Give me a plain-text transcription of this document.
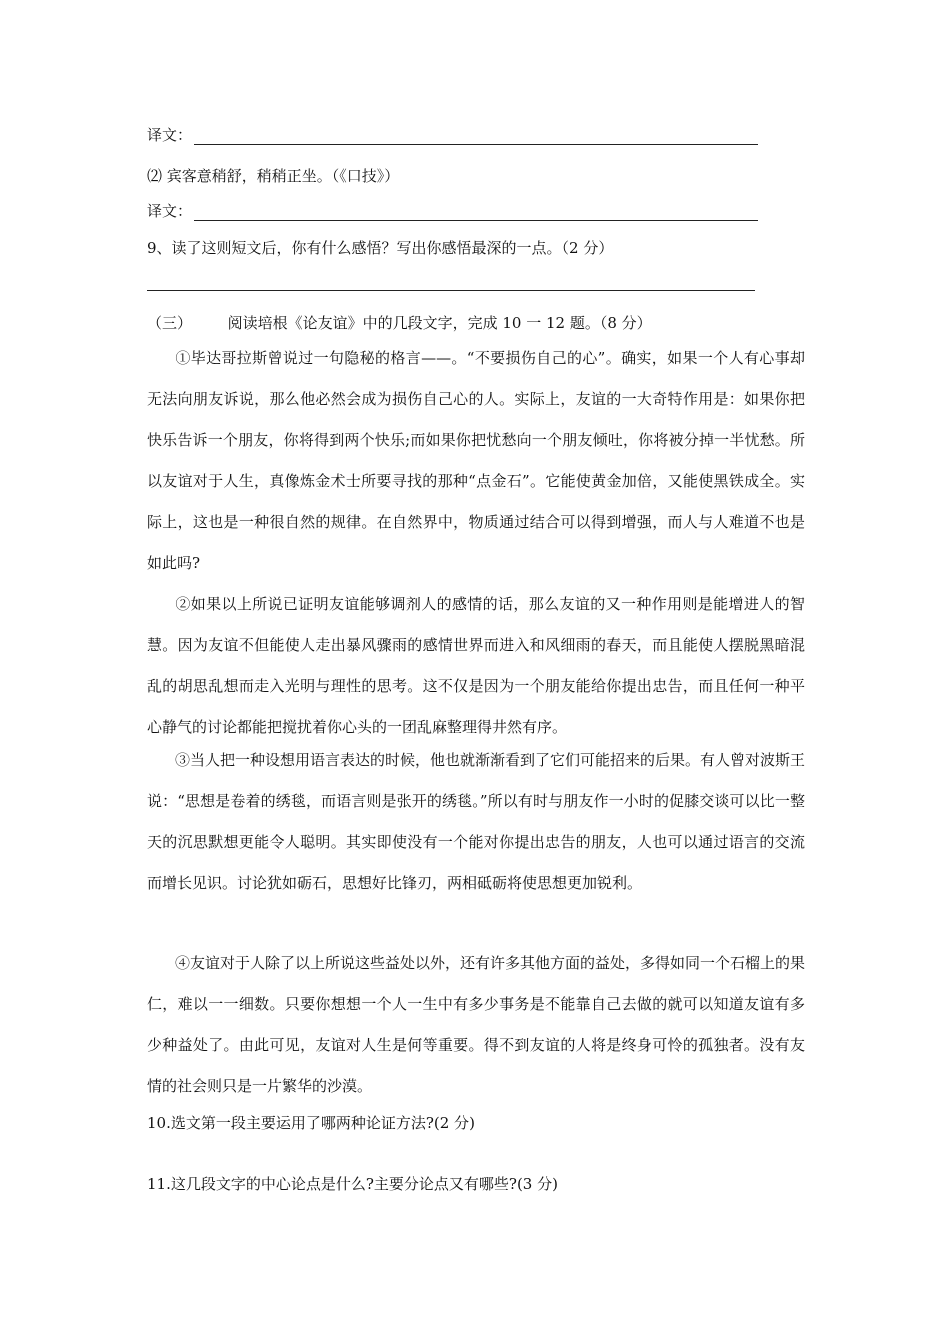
译文：
⑵ 宾客意稍舒，稍稍正坐。（《口技》）
译文：
9、读了这则短文后，你有什么感悟？写出你感悟最深的一点。（2 分）
（三） 阅读培根《论友谊》中的几段文字，完成 10 一 12 题。（8 分）
①毕达哥拉斯曾说过一句隐秘的格言——。“不要损伤自己的心”。确实，如果一个人有心事却无法向朋友诉说，那么他必然会成为损伤自己心的人。实际上，友谊的一大奇特作用是：如果你把快乐告诉一个朋友，你将得到两个快乐;而如果你把忧愁向一个朋友倾吐，你将被分掉一半忧愁。所以友谊对于人生，真像炼金术士所要寻找的那种“点金石”。它能使黄金加倍，又能使黑铁成全。实际上，这也是一种很自然的规律。在自然界中，物质通过结合可以得到增强，而人与人难道不也是如此吗?
②如果以上所说已证明友谊能够调剂人的感情的话，那么友谊的又一种作用则是能增进人的智慧。因为友谊不但能使人走出暴风骤雨的感情世界而进入和风细雨的春天，而且能使人摆脱黑暗混乱的胡思乱想而走入光明与理性的思考。这不仅是因为一个朋友能给你提出忠告，而且任何一种平心静气的讨论都能把搅扰着你心头的一团乱麻整理得井然有序。
③当人把一种设想用语言表达的时候，他也就渐渐看到了它们可能招来的后果。有人曾对波斯王说：“思想是卷着的绣毯，而语言则是张开的绣毯。”所以有时与朋友作一小时的促膝交谈可以比一整天的沉思默想更能令人聪明。其实即使没有一个能对你提出忠告的朋友，人也可以通过语言的交流而增长见识。讨论犹如砺石，思想好比锋刃，两相砥砺将使思想更加锐利。
④友谊对于人除了以上所说这些益处以外，还有许多其他方面的益处，多得如同一个石榴上的果仁，难以一一细数。只要你想想一个人一生中有多少事务是不能靠自己去做的就可以知道友谊有多少种益处了。由此可见，友谊对人生是何等重要。得不到友谊的人将是终身可怜的孤独者。没有友情的社会则只是一片繁华的沙漠。
10.选文第一段主要运用了哪两种论证方法?(2 分)
11.这几段文字的中心论点是什么?主要分论点又有哪些?(3 分)
